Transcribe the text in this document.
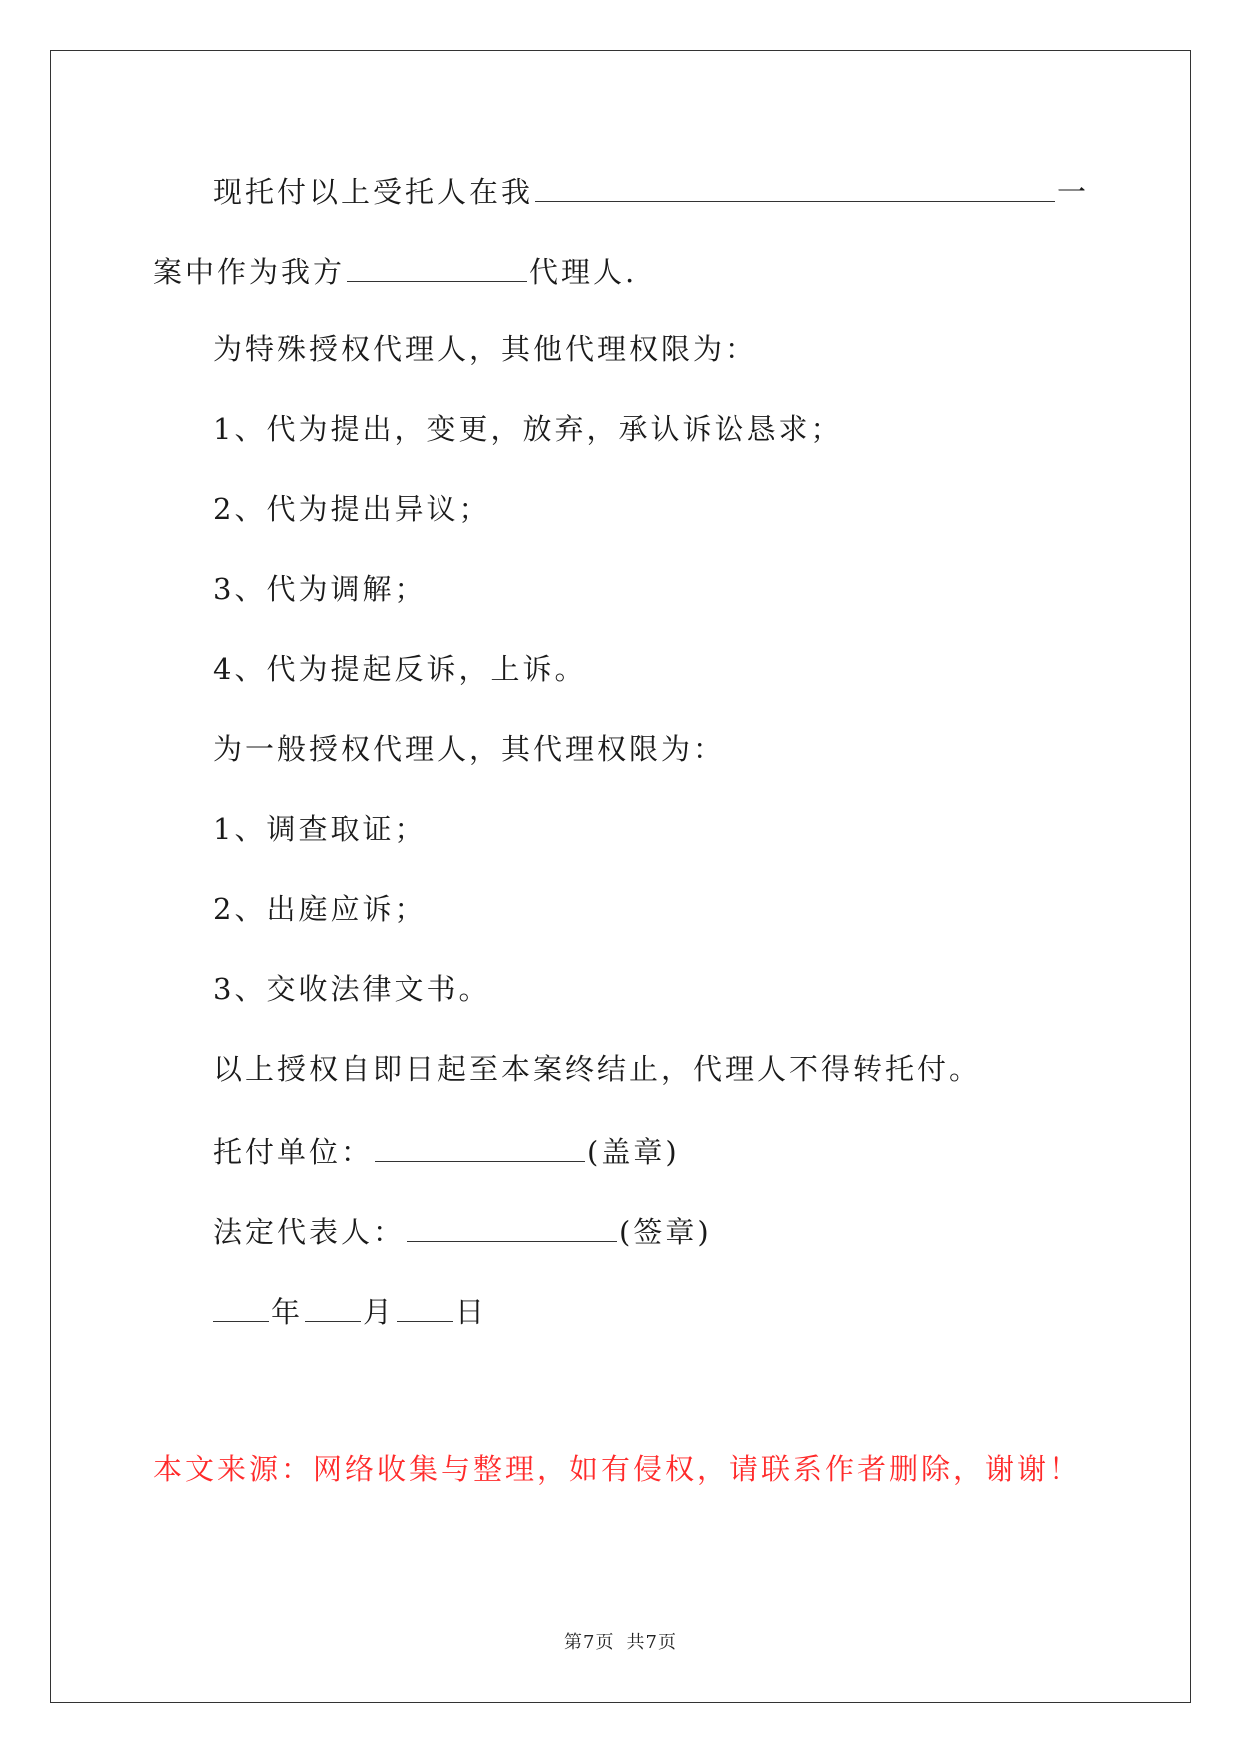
现托付以上受托人在我	一
案中作为我方	代理人.
为特殊授权代理人，其他代理权限为：
1、代为提出，变更，放弃，承认诉讼恳求；
2、代为提出异议；
3、代为调解；
4、代为提起反诉，上诉。
为一般授权代理人，其代理权限为：
1、调查取证；
2、出庭应诉；
3、交收法律文书。
以上授权自即日起至本案终结止，代理人不得转托付。
托付单位：	(盖章)
法定代表人：	(签章)
年 月 日
本文来源：网络收集与整理，如有侵权，请联系作者删除，谢谢！
第7页 共7页
